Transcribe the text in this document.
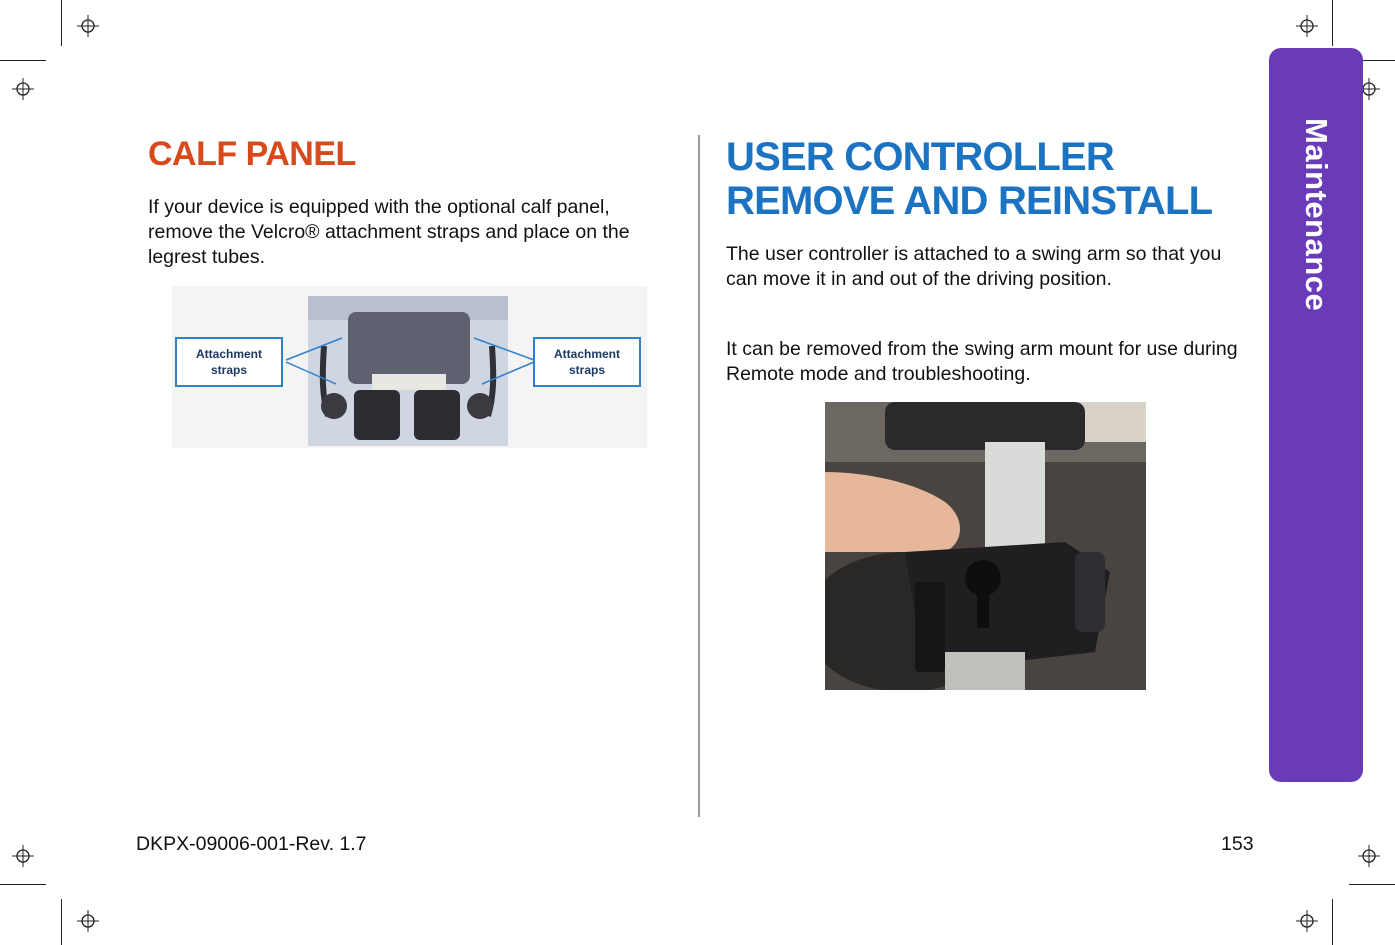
Maintenance
CALF PANEL

If your device is equipped with the optional calf panel, remove the Velcro® attachment straps and place on the legrest tubes.

Attachment
straps
Attachment
straps
USER CONTROLLER
REMOVE AND REINSTALL

The user controller is attached to a swing arm so that you can move it in and out of the driving position.

It can be removed from the swing arm mount for use during Remote mode and troubleshooting.

DKPX-09006-001-Rev. 1.7	153
